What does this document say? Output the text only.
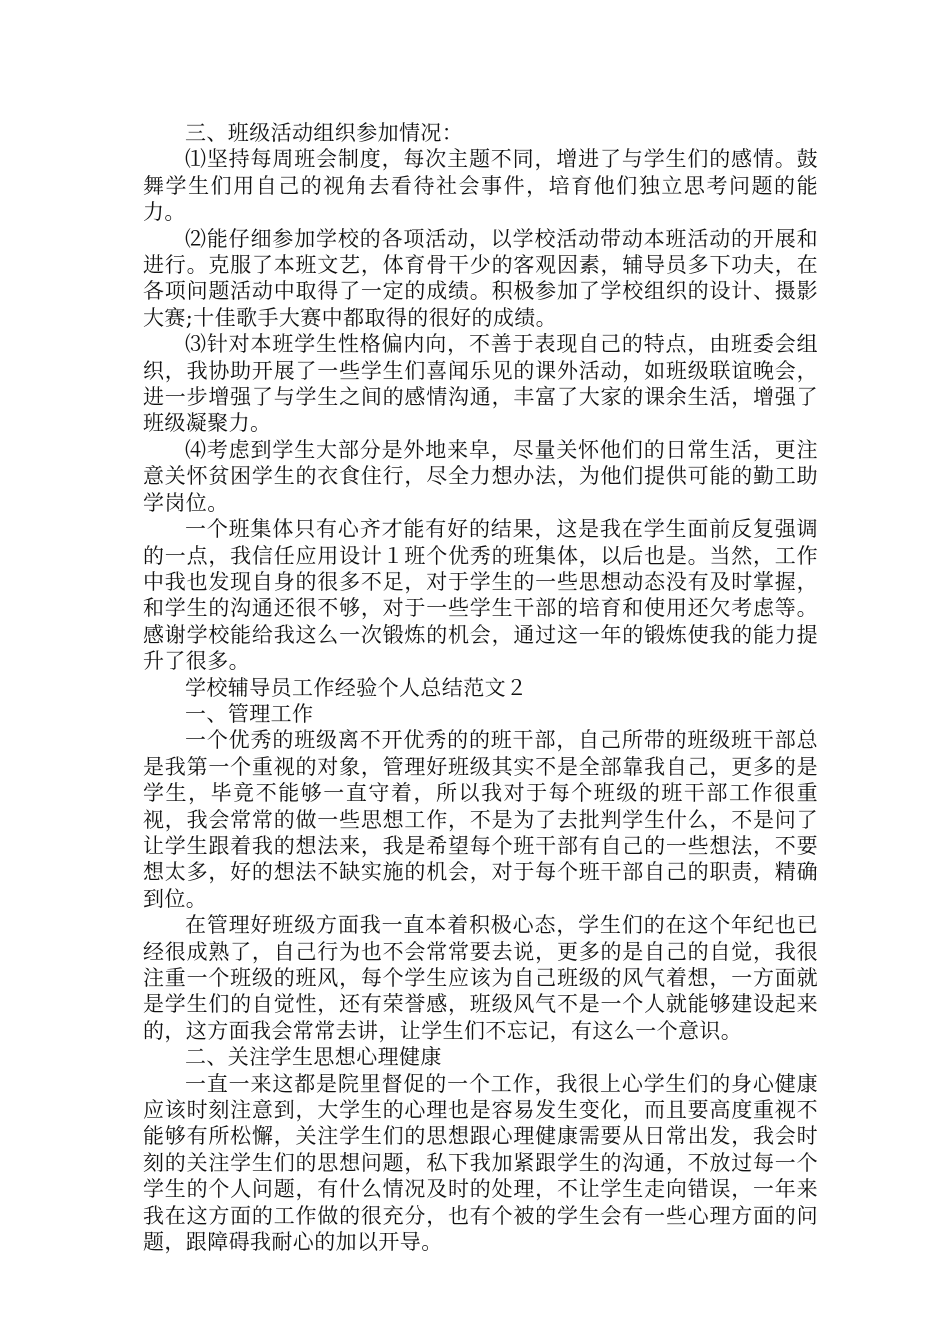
三、班级活动组织参加情况：

⑴坚持每周班会制度，每次主题不同，增进了与学生们的感情。鼓舞学生们用自己的视角去看待社会事件，培育他们独立思考问题的能力。

⑵能仔细参加学校的各项活动，以学校活动带动本班活动的开展和进行。克服了本班文艺，体育骨干少的客观因素，辅导员多下功夫，在各项问题活动中取得了一定的成绩。积极参加了学校组织的设计、摄影大赛;十佳歌手大赛中都取得的很好的成绩。

⑶针对本班学生性格偏内向，不善于表现自己的特点，由班委会组织，我协助开展了一些学生们喜闻乐见的课外活动，如班级联谊晚会，进一步增强了与学生之间的感情沟通，丰富了大家的课余生活，增强了班级凝聚力。

⑷考虑到学生大部分是外地来皁，尽量关怀他们的日常生活，更注意关怀贫困学生的衣食住行，尽全力想办法，为他们提供可能的勤工助学岗位。

一个班集体只有心齐才能有好的结果，这是我在学生面前反复强调的一点，我信任应用设计１班个优秀的班集体，以后也是。当然，工作中我也发现自身的很多不足，对于学生的一些思想动态没有及时掌握，和学生的沟通还很不够，对于一些学生干部的培育和使用还欠考虑等。感谢学校能给我这么一次锻炼的机会，通过这一年的锻炼使我的能力提升了很多。

学校辅导员工作经验个人总结范文２

一、管理工作

一个优秀的班级离不开优秀的的班干部，自己所带的班级班干部总是我第一个重视的对象，管理好班级其实不是全部靠我自己，更多的是学生，毕竟不能够一直守着，所以我对于每个班级的班干部工作很重视，我会常常的做一些思想工作，不是为了去批判学生什么，不是问了让学生跟着我的想法来，我是希望每个班干部有自己的一些想法，不要想太多，好的想法不缺实施的机会，对于每个班干部自己的职责，精确到位。

在管理好班级方面我一直本着积极心态，学生们的在这个年纪也已经很成熟了，自己行为也不会常常要去说，更多的是自己的自觉，我很注重一个班级的班风，每个学生应该为自己班级的风气着想，一方面就是学生们的自觉性，还有荣誉感，班级风气不是一个人就能够建设起来的，这方面我会常常去讲，让学生们不忘记，有这么一个意识。

二、关注学生思想心理健康

一直一来这都是院里督促的一个工作，我很上心学生们的身心健康应该时刻注意到，大学生的心理也是容易发生变化，而且要高度重视不能够有所松懈，关注学生们的思想跟心理健康需要从日常出发，我会时刻的关注学生们的思想问题，私下我加紧跟学生的沟通，不放过每一个学生的个人问题，有什么情况及时的处理，不让学生走向错误，一年来我在这方面的工作做的很充分，也有个被的学生会有一些心理方面的问题，跟障碍我耐心的加以开导。
